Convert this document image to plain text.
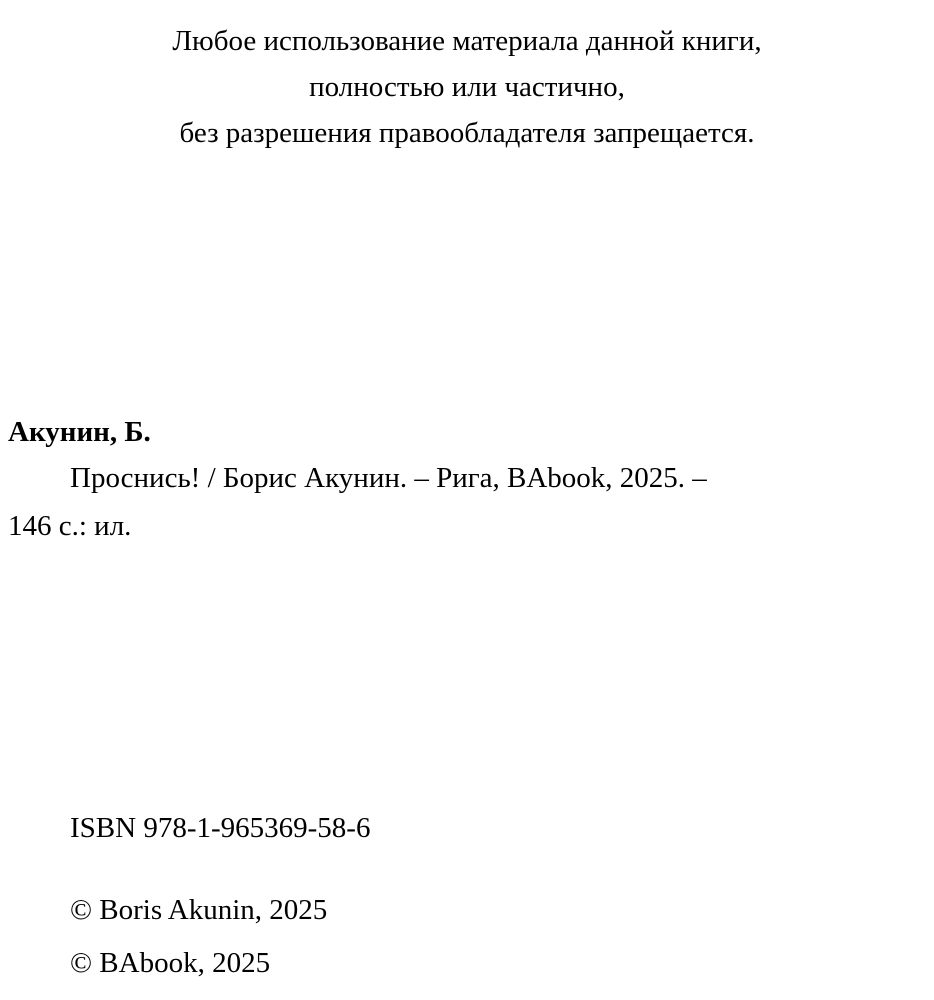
Любое использование материала данной книги,
полностью или частично,
без разрешения правообладателя запрещается.
Акунин, Б.

Проснись! / Борис Акунин. – Рига, BAbook, 2025. –
146 с.: ил.

ISBN 978-1-965369-58-6
© Boris Akunin, 2025
© BAbook, 2025
